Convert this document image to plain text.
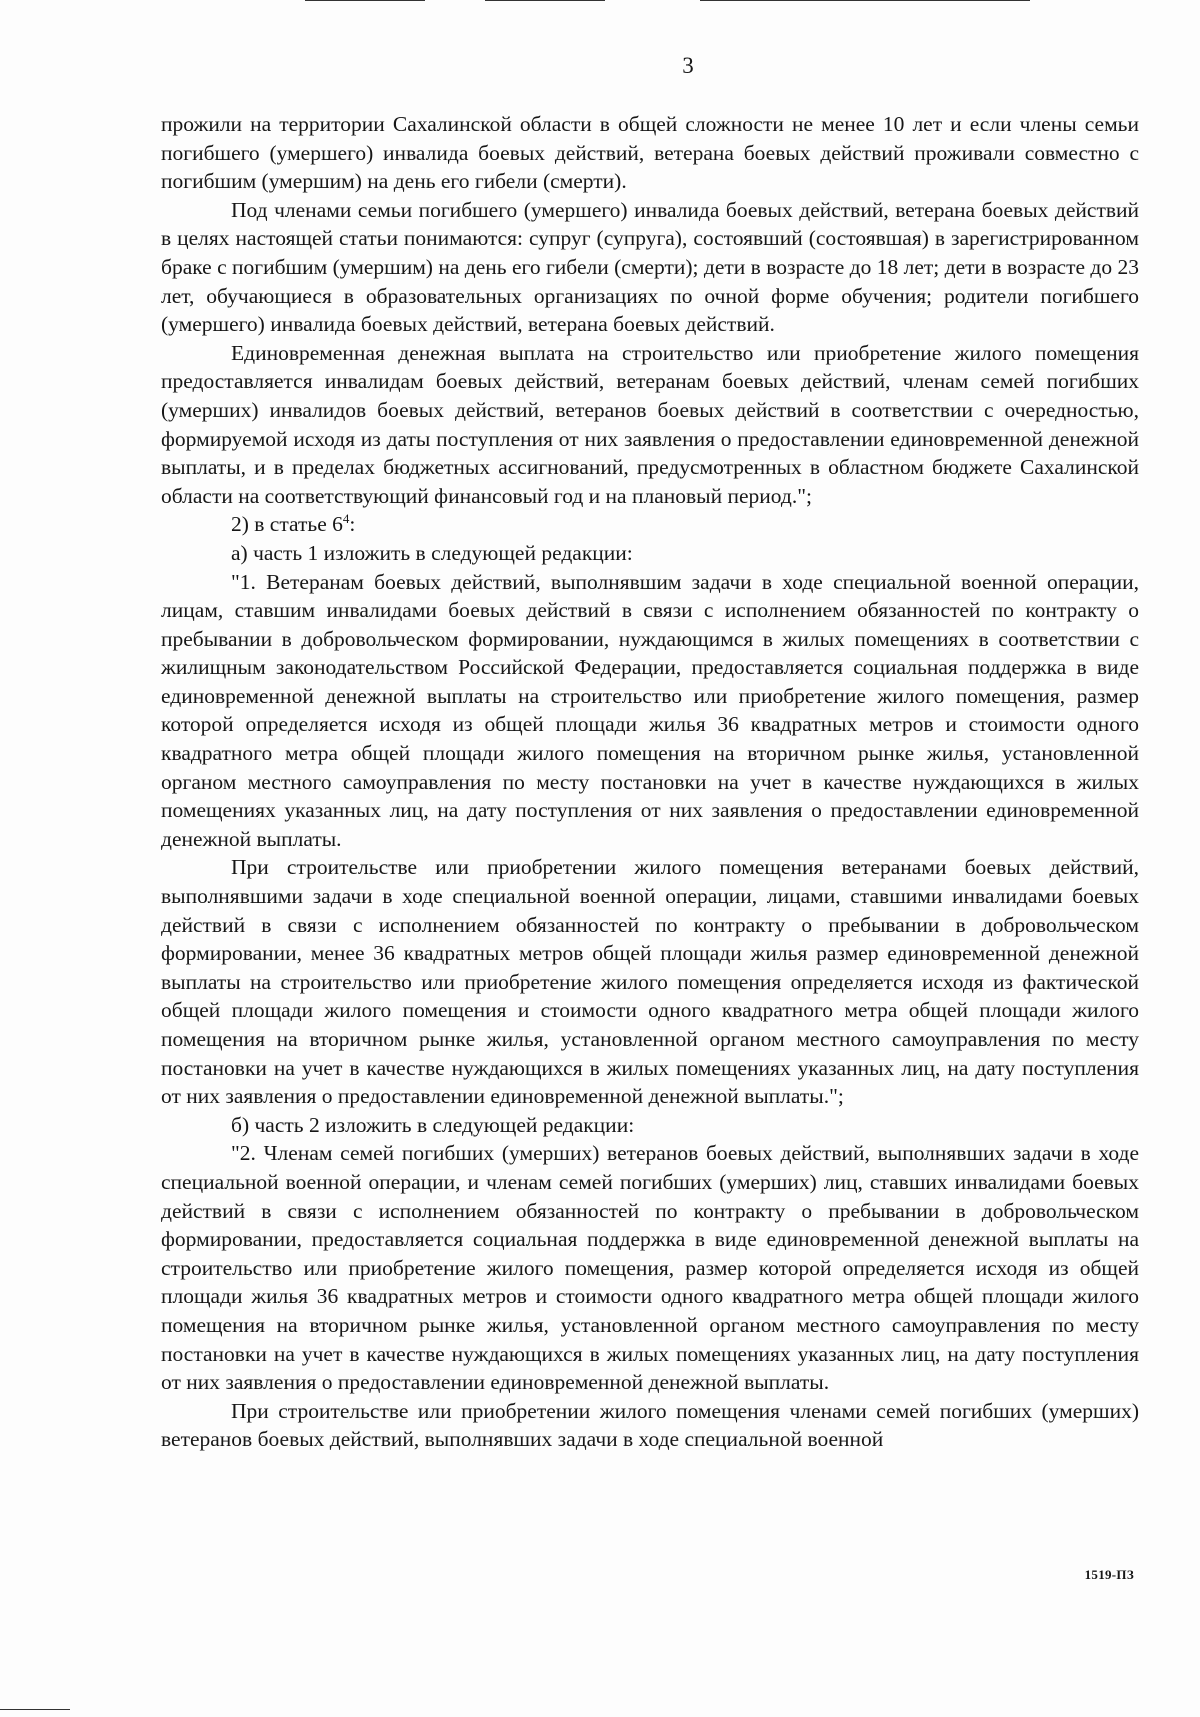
3

прожили на территории Сахалинской области в общей сложности не менее 10 лет и если члены семьи погибшего (умершего) инвалида боевых действий, ветерана боевых действий проживали совместно с погибшим (умершим) на день его гибели (смерти).

Под членами семьи погибшего (умершего) инвалида боевых действий, ветерана боевых действий в целях настоящей статьи понимаются: супруг (супруга), состоявший (состоявшая) в зарегистрированном браке с погибшим (умершим) на день его гибели (смерти); дети в возрасте до 18 лет; дети в возрасте до 23 лет, обучающиеся в образовательных организациях по очной форме обучения; родители погибшего (умершего) инвалида боевых действий, ветерана боевых действий.

Единовременная денежная выплата на строительство или приобретение жилого помещения предоставляется инвалидам боевых действий, ветеранам боевых действий, членам семей погибших (умерших) инвалидов боевых действий, ветеранов боевых действий в соответствии с очередностью, формируемой исходя из даты поступления от них заявления о предоставлении единовременной денежной выплаты, и в пределах бюджетных ассигнований, предусмотренных в областном бюджете Сахалинской области на соответствующий финансовый год и на плановый период.";

2) в статье $6^4$:

а) часть 1 изложить в следующей редакции:

"1. Ветеранам боевых действий, выполнявшим задачи в ходе специальной военной операции, лицам, ставшим инвалидами боевых действий в связи с исполнением обязанностей по контракту о пребывании в добровольческом формировании, нуждающимся в жилых помещениях в соответствии с жилищным законодательством Российской Федерации, предоставляется социальная поддержка в виде единовременной денежной выплаты на строительство или приобретение жилого помещения, размер которой определяется исходя из общей площади жилья 36 квадратных метров и стоимости одного квадратного метра общей площади жилого помещения на вторичном рынке жилья, установленной органом местного самоуправления по месту постановки на учет в качестве нуждающихся в жилых помещениях указанных лиц, на дату поступления от них заявления о предоставлении единовременной денежной выплаты.

При строительстве или приобретении жилого помещения ветеранами боевых действий, выполнявшими задачи в ходе специальной военной операции, лицами, ставшими инвалидами боевых действий в связи с исполнением обязанностей по контракту о пребывании в добровольческом формировании, менее 36 квадратных метров общей площади жилья размер единовременной денежной выплаты на строительство или приобретение жилого помещения определяется исходя из фактической общей площади жилого помещения и стоимости одного квадратного метра общей площади жилого помещения на вторичном рынке жилья, установленной органом местного самоуправления по месту постановки на учет в качестве нуждающихся в жилых помещениях указанных лиц, на дату поступления от них заявления о предоставлении единовременной денежной выплаты.";

б) часть 2 изложить в следующей редакции:

"2. Членам семей погибших (умерших) ветеранов боевых действий, выполнявших задачи в ходе специальной военной операции, и членам семей погибших (умерших) лиц, ставших инвалидами боевых действий в связи с исполнением обязанностей по контракту о пребывании в добровольческом формировании, предоставляется социальная поддержка в виде единовременной денежной выплаты на строительство или приобретение жилого помещения, размер которой определяется исходя из общей площади жилья 36 квадратных метров и стоимости одного квадратного метра общей площади жилого помещения на вторичном рынке жилья, установленной органом местного самоуправления по месту постановки на учет в качестве нуждающихся в жилых помещениях указанных лиц, на дату поступления от них заявления о предоставлении единовременной денежной выплаты.

При строительстве или приобретении жилого помещения членами семей погибших (умерших) ветеранов боевых действий, выполнявших задачи в ходе специальной военной

1519-ПЗ
